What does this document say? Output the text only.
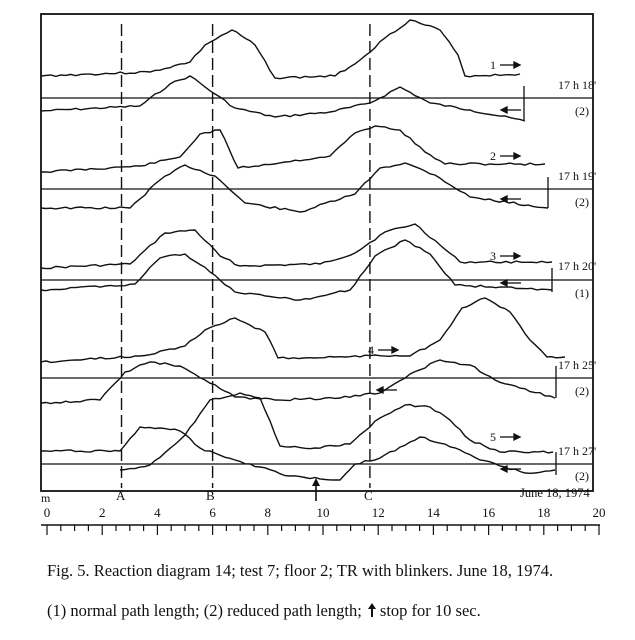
1
17 h 18'
(2)
2
17 h 19'
(2)
3
17 h 20'
(1)
4
17 h 25'
(2)
5
17 h 27'
(2)
A	B	C	June 18, 1974
m
0	2	4	6	8	10	12	14	16	18	20
Fig. 5. Reaction diagram 14; test 7; floor 2; TR with blinkers. June 18, 1974.
(1) normal path length; (2) reduced path length; stop for 10 sec.
